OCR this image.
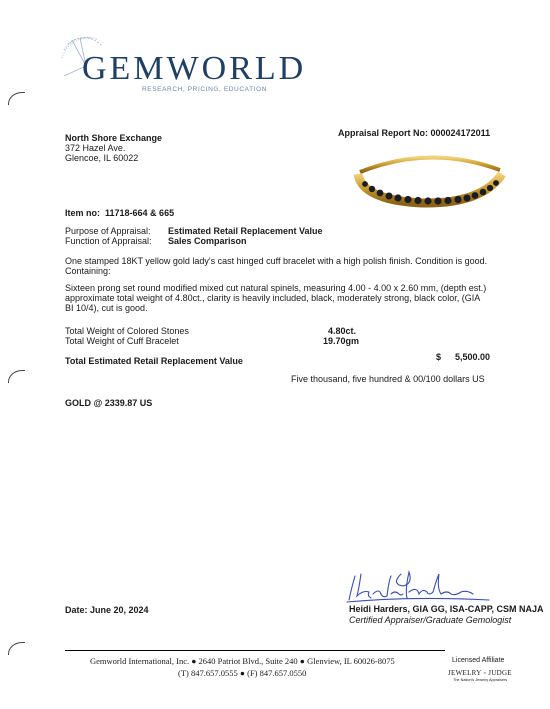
GEMWORLD
RESEARCH, PRICING, EDUCATION
North Shore Exchange
372 Hazel Ave.
Glencoe, IL 60022
Appraisal Report No: 000024172011
Item no: 11718-664 & 665
Purpose of Appraisal: Estimated Retail Replacement Value
Function of Appraisal: Sales Comparison
One stamped 18KT yellow gold lady's cast hinged cuff bracelet with a high polish finish. Condition is good. Containing:
Sixteen prong set round modified mixed cut natural spinels, measuring 4.00 - 4.00 x 2.60 mm, (depth est.) approximate total weight of 4.80ct., clarity is heavily included, black, moderately strong, black color, (GIA BI 10/4), cut is good.
Total Weight of Colored Stones	4.80ct.
Total Weight of Cuff Bracelet	19.70gm
Total Estimated Retail Replacement Value	$ 5,500.00
Five thousand, five hundred & 00/100 dollars US
GOLD @ 2339.87 US
Heidi Harders, GIA GG, ISA-CAPP, CSM NAJA
Certified Appraiser/Graduate Gemologist
Date: June 20, 2024
Gemworld International, Inc. ● 2640 Patriot Blvd., Suite 240 ● Glenview, IL 60026-8075
(T) 847.657.0555 ● (F) 847.657.0550
Licensed Affiliate
JEWELRY ◦ JUDGE
The Nation's Jewelry Appraisers
